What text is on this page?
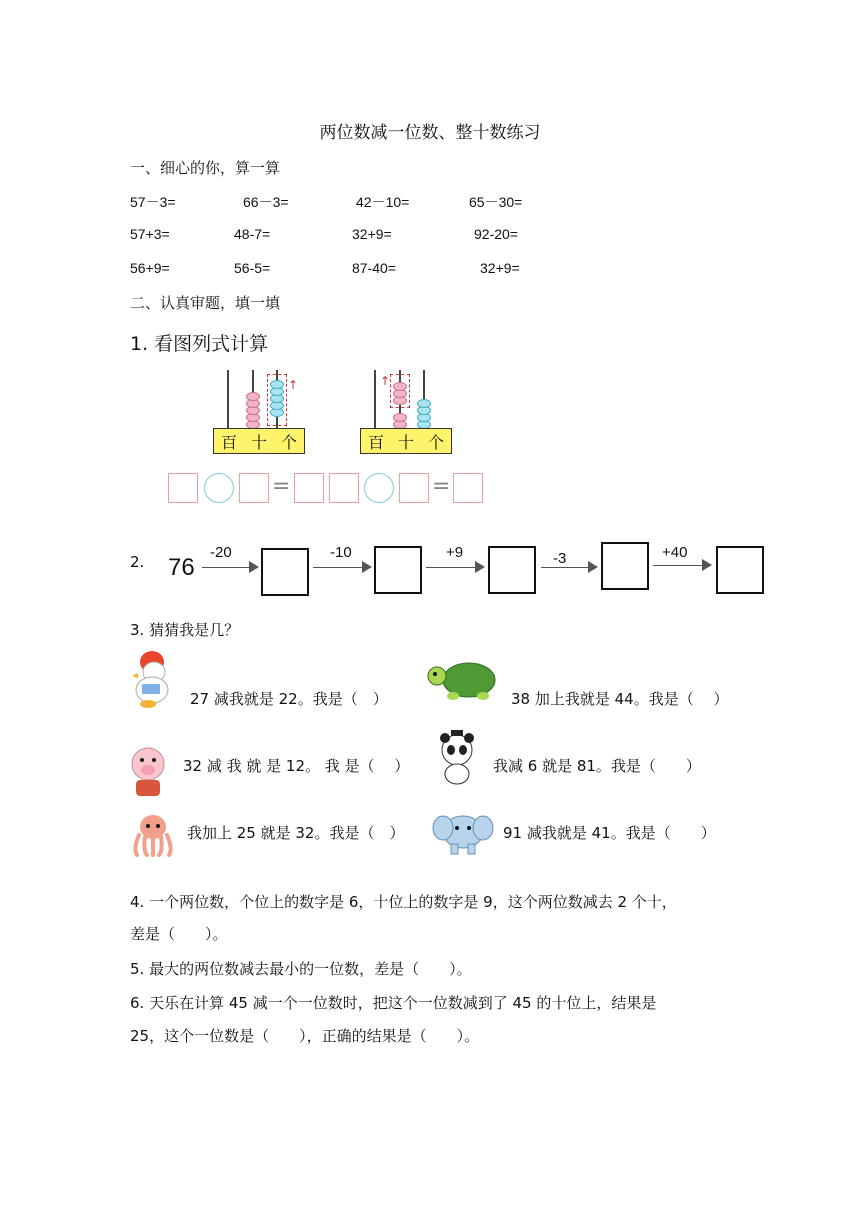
两位数减一位数、整十数练习
一、细心的你，算一算
57－3=	66－3=	42－10=	65－30=
57+3=	48-7=	32+9=	92-20=
56+9=	56-5=	87-40=	32+9=
二、认真审题，填一填
1. 看图列式计算
↑
百 十 个
↑
百 十 个
=	=
2. 76
-20	-10	+9	-3	+40
3. 猜猜我是几？
27 减我就是 22。我是（　）	38 加上我就是 44。我是（　 ）
32 减 我 就 是 12。 我 是（　 ）	我减 6 就是 81。我是（　　）
我加上 25 就是 32。我是（　）	91 减我就是 41。我是（　　）
4. 一个两位数，个位上的数字是 6，十位上的数字是 9，这个两位数减去 2 个十，
差是（　　）。
5. 最大的两位数减去最小的一位数，差是（　　）。
6. 天乐在计算 45 减一个一位数时，把这个一位数减到了 45 的十位上，结果是
25，这个一位数是（　　），正确的结果是（　　）。
